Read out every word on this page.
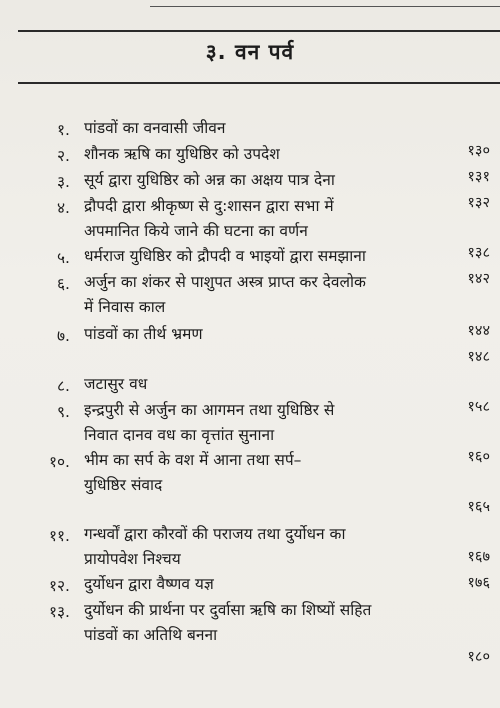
३. वन पर्व
१. पांडवों का वनवासी जीवन
१३०
२. शौनक ऋषि का युधिष्ठिर को उपदेश
१३१
३. सूर्य द्वारा युधिष्ठिर को अन्न का अक्षय पात्र देना
१३२
४. द्रौपदी द्वारा श्रीकृष्ण से दु:शासन द्वारा सभा में
अपमानित किये जाने की घटना का वर्णन
१३८
५. धर्मराज युधिष्ठिर को द्रौपदी व भाइयों द्वारा समझाना
१४२
६. अर्जुन का शंकर से पाशुपत अस्त्र प्राप्त कर देवलोक
में निवास काल
१४४
७. पांडवों का तीर्थ भ्रमण
१४८
८. जटासुर वध
१५८
९. इन्द्रपुरी से अर्जुन का आगमन तथा युधिष्ठिर से
निवात दानव वध का वृत्तांत सुनाना
१६०
१०. भीम का सर्प के वश में आना तथा सर्प–
युधिष्ठिर संवाद
१६५
११. गन्धर्वों द्वारा कौरवों की पराजय तथा दुर्योधन का
प्रायोपवेश निश्चय	१६७
१२. दुर्योधन द्वारा वैष्णव यज्ञ	१७६
१३. दुर्योधन की प्रार्थना पर दुर्वासा ऋषि का शिष्यों सहित
पांडवों का अतिथि बनना
१८०
